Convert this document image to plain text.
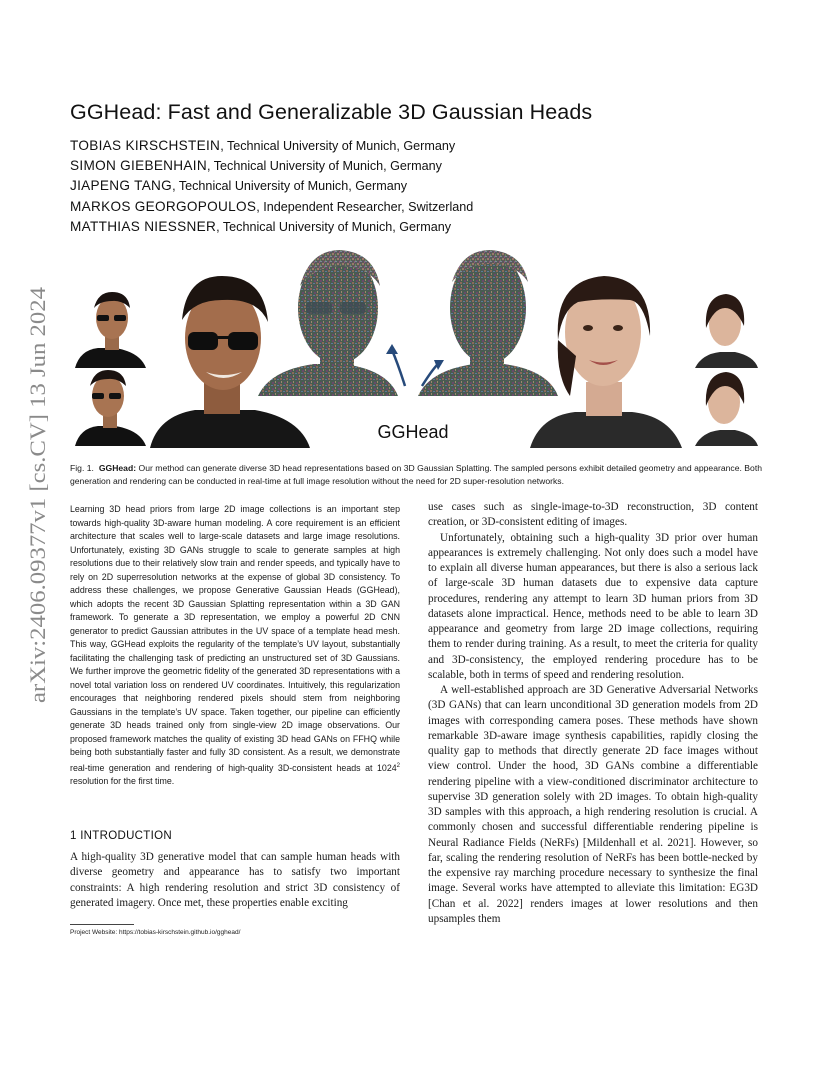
arXiv:2406.09377v1 [cs.CV] 13 Jun 2024
GGHead: Fast and Generalizable 3D Gaussian Heads
TOBIAS KIRSCHSTEIN, Technical University of Munich, Germany
SIMON GIEBENHAIN, Technical University of Munich, Germany
JIAPENG TANG, Technical University of Munich, Germany
MARKOS GEORGOPOULOS, Independent Researcher, Switzerland
MATTHIAS NIESSNER, Technical University of Munich, Germany
GGHead
Fig. 1. GGHead: Our method can generate diverse 3D head representations based on 3D Gaussian Splatting. The sampled persons exhibit detailed geometry and appearance. Both generation and rendering can be conducted in real-time at full image resolution without the need for 2D super-resolution networks.
Learning 3D head priors from large 2D image collections is an important step towards high-quality 3D-aware human modeling. A core requirement is an efficient architecture that scales well to large-scale datasets and large image resolutions. Unfortunately, existing 3D GANs struggle to scale to generate samples at high resolutions due to their relatively slow train and render speeds, and typically have to rely on 2D superresolution networks at the expense of global 3D consistency. To address these challenges, we propose Generative Gaussian Heads (GGHead), which adopts the recent 3D Gaussian Splatting representation within a 3D GAN framework. To generate a 3D representation, we employ a powerful 2D CNN generator to predict Gaussian attributes in the UV space of a template head mesh. This way, GGHead exploits the regularity of the template’s UV layout, substantially facilitating the challenging task of predicting an unstructured set of 3D Gaussians. We further improve the geometric fidelity of the generated 3D representations with a novel total variation loss on rendered UV coordinates. Intuitively, this regularization encourages that neighboring rendered pixels should stem from neighboring Gaussians in the template’s UV space. Taken together, our pipeline can efficiently generate 3D heads trained only from single-view 2D image observations. Our proposed framework matches the quality of existing 3D head GANs on FFHQ while being both substantially faster and fully 3D consistent. As a result, we demonstrate real-time generation and rendering of high-quality 3D-consistent heads at 1024$^2$ resolution for the first time.
1 INTRODUCTION
A high-quality 3D generative model that can sample human heads with diverse geometry and appearance has to satisfy two important constraints: A high rendering resolution and strict 3D consistency of generated imagery. Once met, these properties enable exciting
Project Website: https://tobias-kirschstein.github.io/gghead/

use cases such as single-image-to-3D reconstruction, 3D content creation, or 3D-consistent editing of images.

Unfortunately, obtaining such a high-quality 3D prior over human appearances is extremely challenging. Not only does such a model have to explain all diverse human appearances, but there is also a serious lack of large-scale 3D human datasets due to expensive data capture procedures, rendering any attempt to learn 3D human priors from 3D datasets alone impractical. Hence, methods need to be able to learn 3D appearance and geometry from large 2D image collections, requiring them to render during training. As a result, to meet the criteria for quality and 3D-consistency, the employed rendering procedure has to be scalable, both in terms of speed and rendering resolution.

A well-established approach are 3D Generative Adversarial Networks (3D GANs) that can learn unconditional 3D generation models from 2D images with corresponding camera poses. These methods have shown remarkable 3D-aware image synthesis capabilities, rapidly closing the quality gap to methods that directly generate 2D face images without view control. Under the hood, 3D GANs combine a differentiable rendering pipeline with a view-conditioned discriminator architecture to supervise 3D generation solely with 2D images. To obtain high-quality 3D samples with this approach, a high rendering resolution is crucial. A commonly chosen and successful differentiable rendering pipeline is Neural Radiance Fields (NeRFs) [Mildenhall et al. 2021]. However, so far, scaling the rendering resolution of NeRFs has been bottle-necked by the expensive ray marching procedure necessary to synthesize the final image. Several works have attempted to alleviate this limitation: EG3D [Chan et al. 2022] renders images at lower resolutions and then upsamples them
